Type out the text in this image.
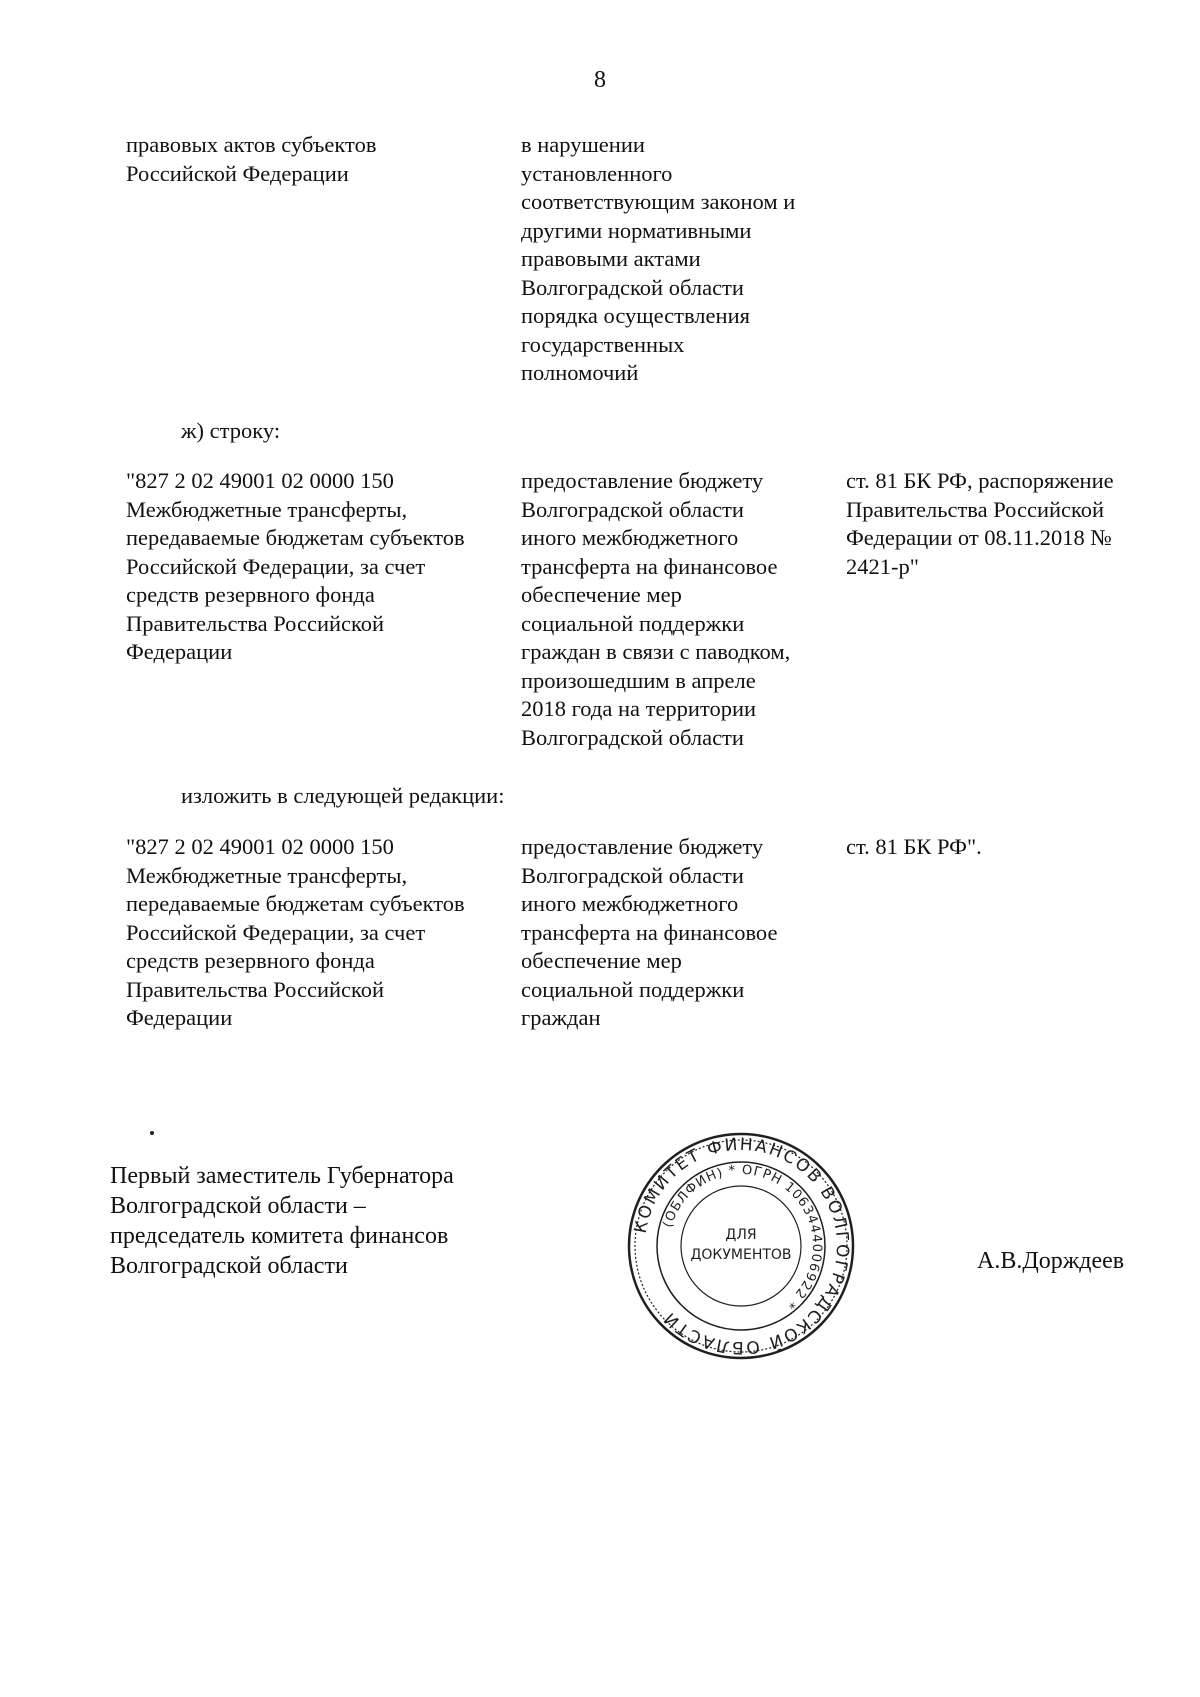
8
правовых актов субъектов
Российской Федерации
в нарушении
установленного
соответствующим законом и
другими нормативными
правовыми актами
Волгоградской области
порядка осуществления
государственных
полномочий
ж) строку:
"827 2 02 49001 02 0000 150
Межбюджетные трансферты,
передаваемые бюджетам субъектов
Российской Федерации, за счет
средств резервного фонда
Правительства Российской
Федерации
предоставление бюджету
Волгоградской области
иного межбюджетного
трансферта на финансовое
обеспечение мер
социальной поддержки
граждан в связи с паводком,
произошедшим в апреле
2018 года на территории
Волгоградской области
ст. 81 БК РФ, распоряжение
Правительства Российской
Федерации от 08.11.2018 №
2421-р"
изложить в следующей редакции:
"827 2 02 49001 02 0000 150
Межбюджетные трансферты,
передаваемые бюджетам субъектов
Российской Федерации, за счет
средств резервного фонда
Правительства Российской
Федерации
предоставление бюджету
Волгоградской области
иного межбюджетного
трансферта на финансовое
обеспечение мер
социальной поддержки
граждан
ст. 81 БК РФ".
Первый заместитель Губернатора
Волгоградской области –
председатель комитета финансов
Волгоградской области	А.В.Дорждеев
КОМИТЕТ ФИНАНСОВ ВОЛГОГРАДСКОЙ ОБЛАСТИ
(ОБЛФИН) * ОГРН 1063444006922 *
ДЛЯ
ДОКУМЕНТОВ
